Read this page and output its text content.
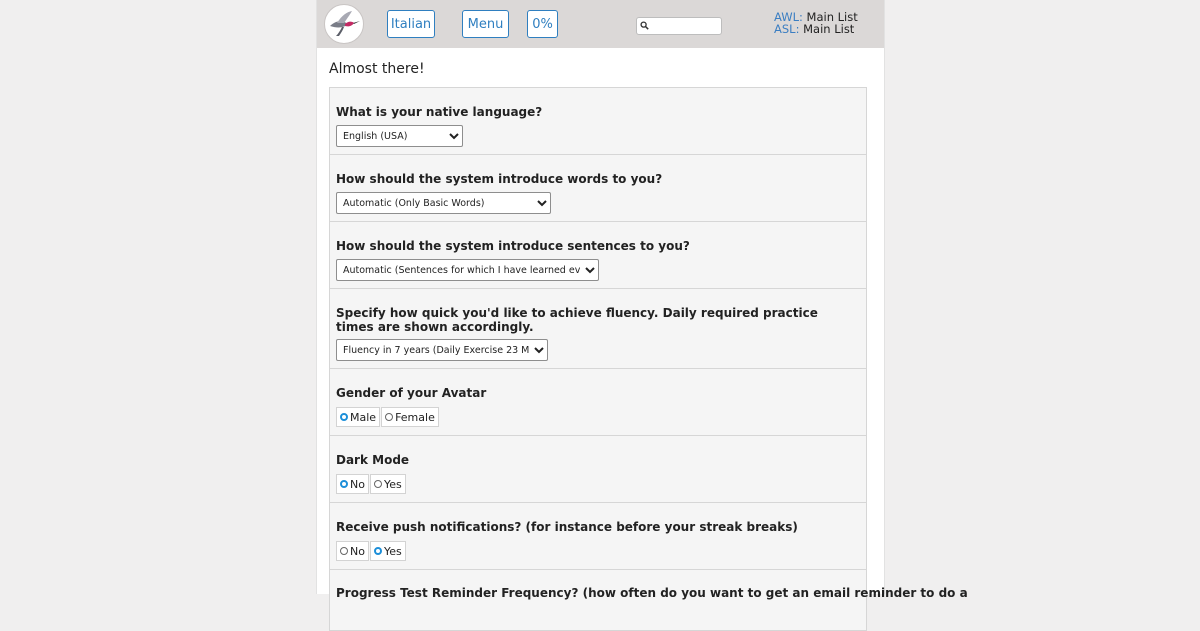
Italian	Menu	0%	AWL: Main List
ASL: Main List
Almost there!
What is your native language?
English (USA)
How should the system introduce words to you?
Automatic (Only Basic Words)
How should the system introduce sentences to you?
Automatic (Sentences for which I have learned every word)
Specify how quick you'd like to achieve fluency. Daily required practice times are shown accordingly.
Fluency in 7 years (Daily Exercise 23 Minutes)
Gender of your Avatar
Male Female
Dark Mode
No Yes
Receive push notifications? (for instance before your streak breaks)
No Yes
Progress Test Reminder Frequency? (how often do you want to get an email reminder to do a
